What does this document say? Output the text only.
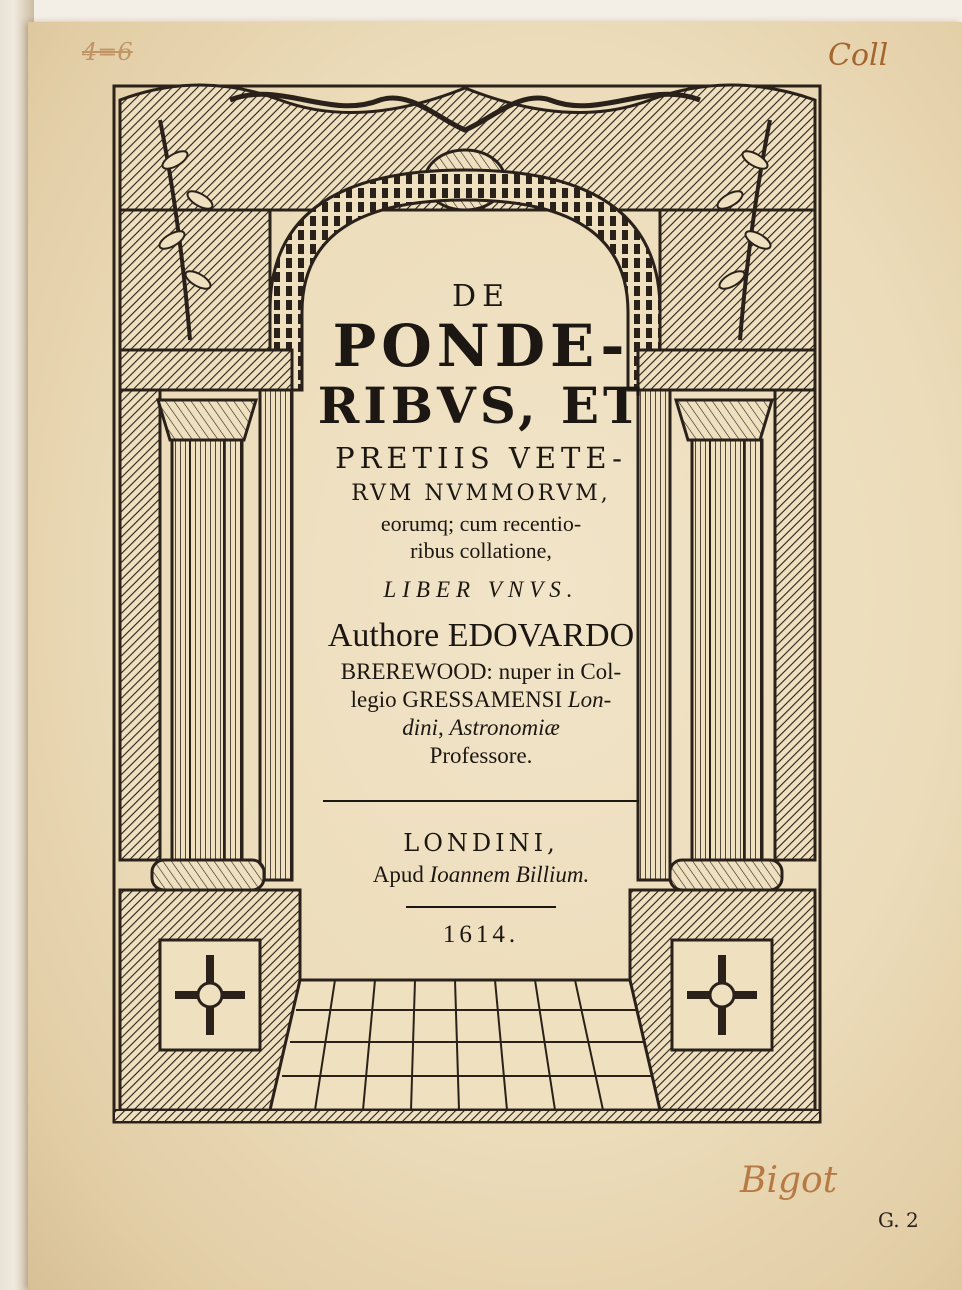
DE
PONDE-
RIBVS, ET
PRETIIS VETE-
RVM NVMMORVM,
eorumq; cum recentio-
ribus collatione,
LIBER VNVS.
Authore EDOVARDO
BREREWOOD: nuper in Col-
legio GRESSAMENSI Lon-
dini, Astronomiæ
Professore.
LONDINI,
Apud Ioannem Billium.
1614.
Coll
4=6
Bigot
G. 2
